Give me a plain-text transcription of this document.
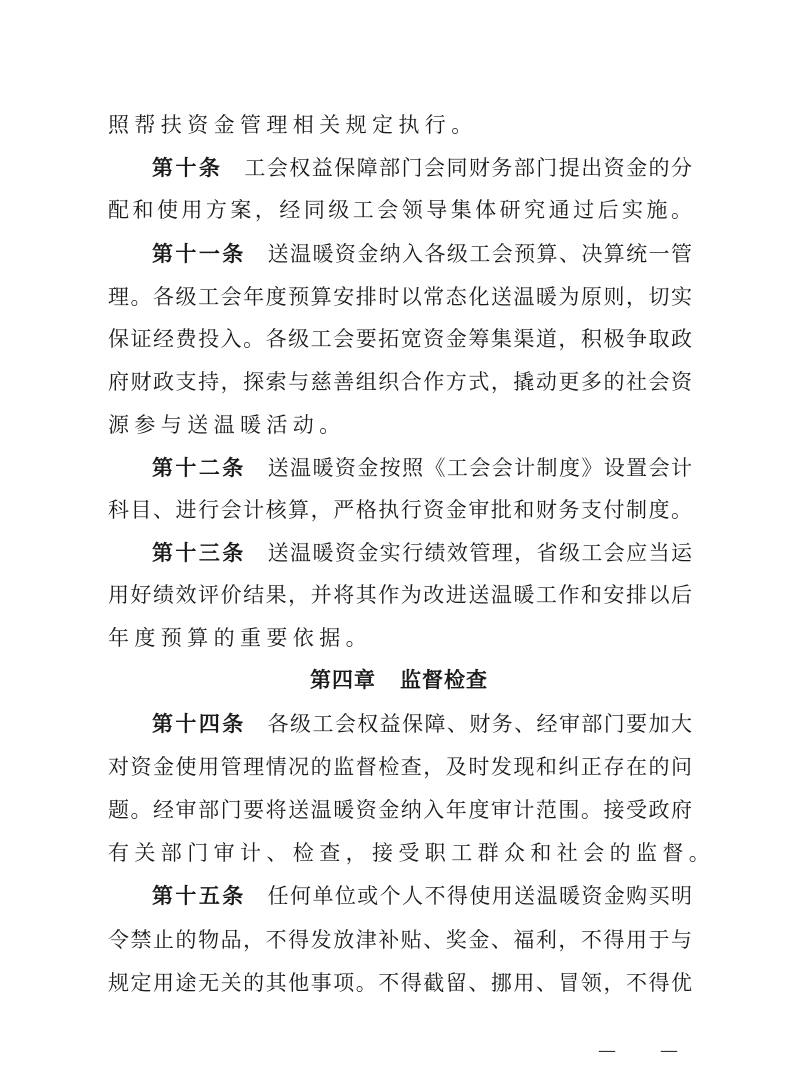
照帮扶资金管理相关规定执行。
第十条 工会权益保障部门会同财务部门提出资金的分
配和使用方案，经同级工会领导集体研究通过后实施。
第十一条 送温暖资金纳入各级工会预算、决算统一管
理。各级工会年度预算安排时以常态化送温暖为原则，切实
保证经费投入。各级工会要拓宽资金筹集渠道，积极争取政
府财政支持，探索与慈善组织合作方式，撬动更多的社会资
源参与送温暖活动。
第十二条 送温暖资金按照《工会会计制度》设置会计
科目、进行会计核算，严格执行资金审批和财务支付制度。
第十三条 送温暖资金实行绩效管理，省级工会应当运
用好绩效评价结果，并将其作为改进送温暖工作和安排以后
年度预算的重要依据。
第四章 监督检查
第十四条 各级工会权益保障、财务、经审部门要加大
对资金使用管理情况的监督检查，及时发现和纠正存在的问
题。经审部门要将送温暖资金纳入年度审计范围。接受政府
有关部门审计、检查，接受职工群众和社会的监督。
第十五条 任何单位或个人不得使用送温暖资金购买明
令禁止的物品，不得发放津补贴、奖金、福利，不得用于与
规定用途无关的其他事项。不得截留、挪用、冒领，不得优
— —
